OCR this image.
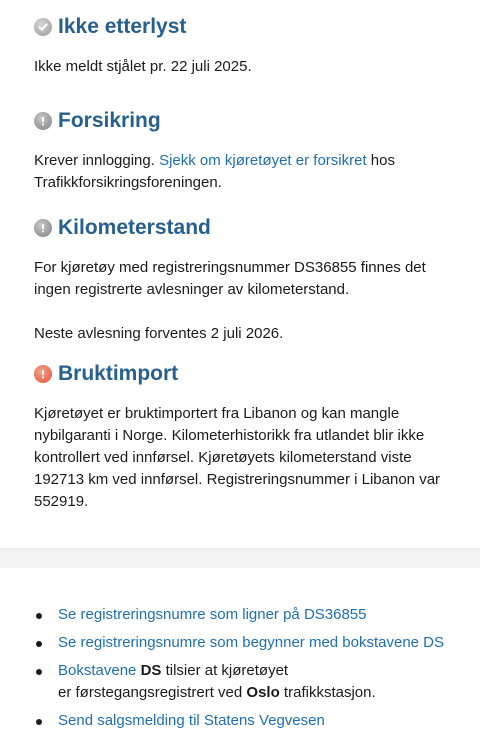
Ikke etterlyst

Ikke meldt stjålet pr. 22 juli 2025.

Forsikring

Krever innlogging. Sjekk om kjøretøyet er forsikret hos Trafikkforsikringsforeningen.

Kilometerstand

For kjøretøy med registreringsnummer DS36855 finnes det ingen registrerte avlesninger av kilometerstand.

Neste avlesning forventes 2 juli 2026.

Bruktimport

Kjøretøyet er bruktimportert fra Libanon og kan mangle nybilgaranti i Norge. Kilometerhistorikk fra utlandet blir ikke kontrollert ved innførsel. Kjøretøyets kilometerstand viste 192713 km ved innførsel. Registreringsnummer i Libanon var 552919.

Se registreringsnumre som ligner på DS36855
Se registreringsnumre som begynner med bokstavene DS
Bokstavene DS tilsier at kjøretøyet
er førstegangsregistrert ved Oslo trafikkstasjon.
Send salgsmelding til Statens Vegvesen
